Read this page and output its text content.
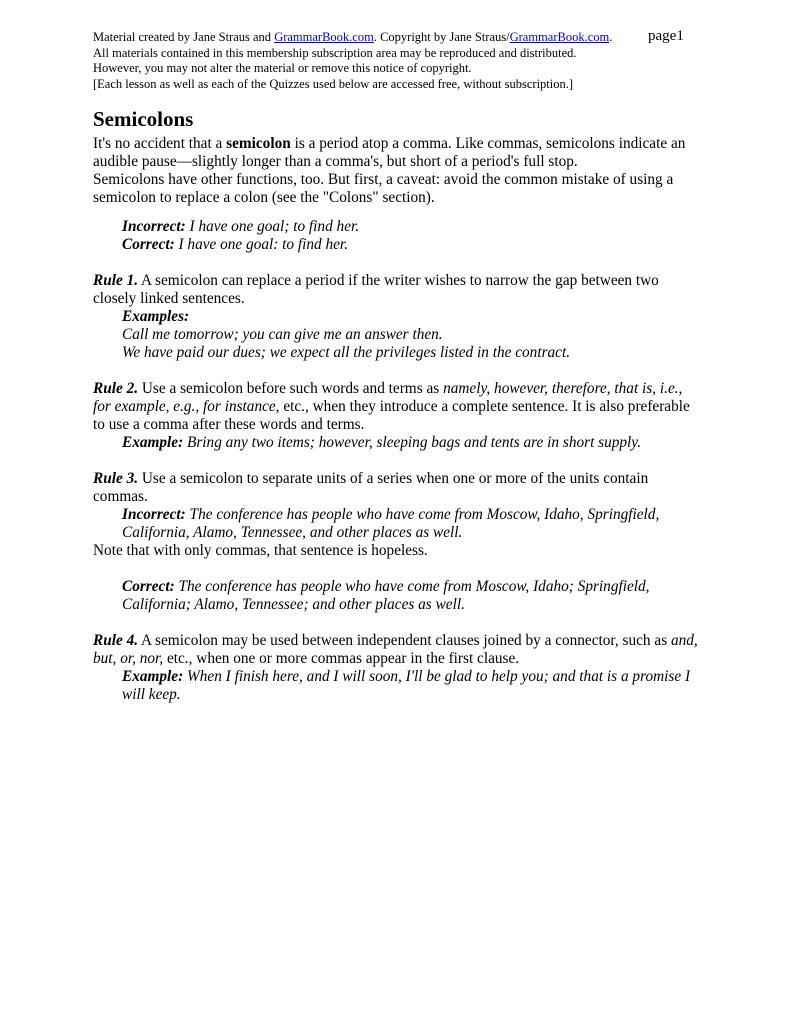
Material created by Jane Straus and GrammarBook.com. Copyright by Jane Straus/GrammarBook.com.
All materials contained in this membership subscription area may be reproduced and distributed.
However, you may not alter the material or remove this notice of copyright.
[Each lesson as well as each of the Quizzes used below are accessed free, without subscription.]
page1
Semicolons

It's no accident that a semicolon is a period atop a comma. Like commas, semicolons indicate an audible pause—slightly longer than a comma's, but short of a period's full stop.

Semicolons have other functions, too. But first, a caveat: avoid the common mistake of using a semicolon to replace a colon (see the "Colons" section).

Incorrect: I have one goal; to find her.

Correct: I have one goal: to find her.

Rule 1. A semicolon can replace a period if the writer wishes to narrow the gap between two closely linked sentences.

Examples:

Call me tomorrow; you can give me an answer then.

We have paid our dues; we expect all the privileges listed in the contract.

Rule 2. Use a semicolon before such words and terms as namely, however, therefore, that is, i.e., for example, e.g., for instance, etc., when they introduce a complete sentence. It is also preferable to use a comma after these words and terms.

Example: Bring any two items; however, sleeping bags and tents are in short supply.

Rule 3. Use a semicolon to separate units of a series when one or more of the units contain commas.

Incorrect: The conference has people who have come from Moscow, Idaho, Springfield, California, Alamo, Tennessee, and other places as well.

Note that with only commas, that sentence is hopeless.

Correct: The conference has people who have come from Moscow, Idaho; Springfield, California; Alamo, Tennessee; and other places as well.

Rule 4. A semicolon may be used between independent clauses joined by a connector, such as and, but, or, nor, etc., when one or more commas appear in the first clause.

Example: When I finish here, and I will soon, I'll be glad to help you; and that is a promise I will keep.
